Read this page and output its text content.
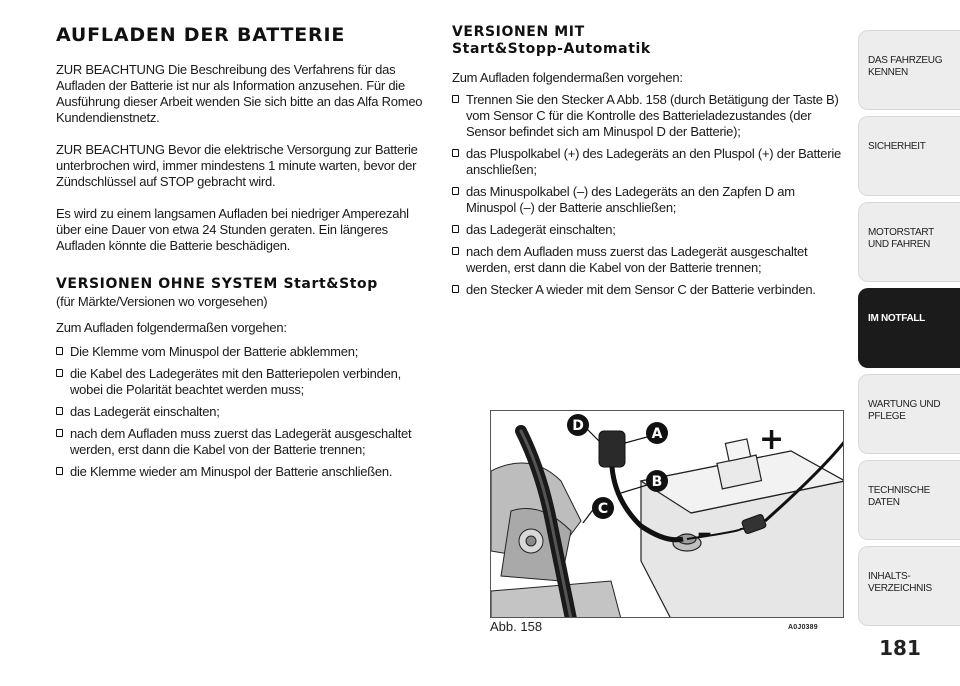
AUFLADEN DER BATTERIE

ZUR BEACHTUNG Die Beschreibung des Verfahrens für das Aufladen der Batterie ist nur als Information anzusehen. Für die Ausführung dieser Arbeit wenden Sie sich bitte an das Alfa Romeo Kundendienstnetz.

ZUR BEACHTUNG Bevor die elektrische Versorgung zur Batterie unterbrochen wird, immer mindestens 1 minute warten, bevor der Zündschlüssel auf STOP gebracht wird.

Es wird zu einem langsamen Aufladen bei niedriger Amperezahl über eine Dauer von etwa 24 Stunden geraten. Ein längeres Aufladen könnte die Batterie beschädigen.

VERSIONEN OHNE SYSTEM Start&Stop

(für Märkte/Versionen wo vorgesehen)

Zum Aufladen folgendermaßen vorgehen:

Die Klemme vom Minuspol der Batterie abklemmen;
die Kabel des Ladegerätes mit den Batteriepolen verbinden, wobei die Polarität beachtet werden muss;
das Ladegerät einschalten;
nach dem Aufladen muss zuerst das Ladegerät ausgeschaltet werden, erst dann die Kabel von der Batterie trennen;
die Klemme wieder am Minuspol der Batterie anschließen.
VERSIONEN MIT
Start&Stopp-Automatik

Zum Aufladen folgendermaßen vorgehen:

Trennen Sie den Stecker A Abb. 158 (durch Betätigung der Taste B) vom Sensor C für die Kontrolle des Batterieladezustandes (der Sensor befindet sich am Minuspol D der Batterie);
das Pluspolkabel (+) des Ladegeräts an den Pluspol (+) der Batterie anschließen;
das Minuspolkabel (–) des Ladegeräts an den Zapfen D am Minuspol (–) der Batterie anschließen;
das Ladegerät einschalten;
nach dem Aufladen muss zuerst das Ladegerät ausgeschaltet werden, erst dann die Kabel von der Batterie trennen;
den Stecker A wieder mit dem Sensor C der Batterie verbinden.
+
–
D	A
B
C
Abb. 158	A0J0389
DAS FAHRZEUG KENNEN
SICHERHEIT
MOTORSTART UND FAHREN
IM NOTFALL
WARTUNG UND PFLEGE
TECHNISCHE DATEN
INHALTS- VERZEICHNIS
181
